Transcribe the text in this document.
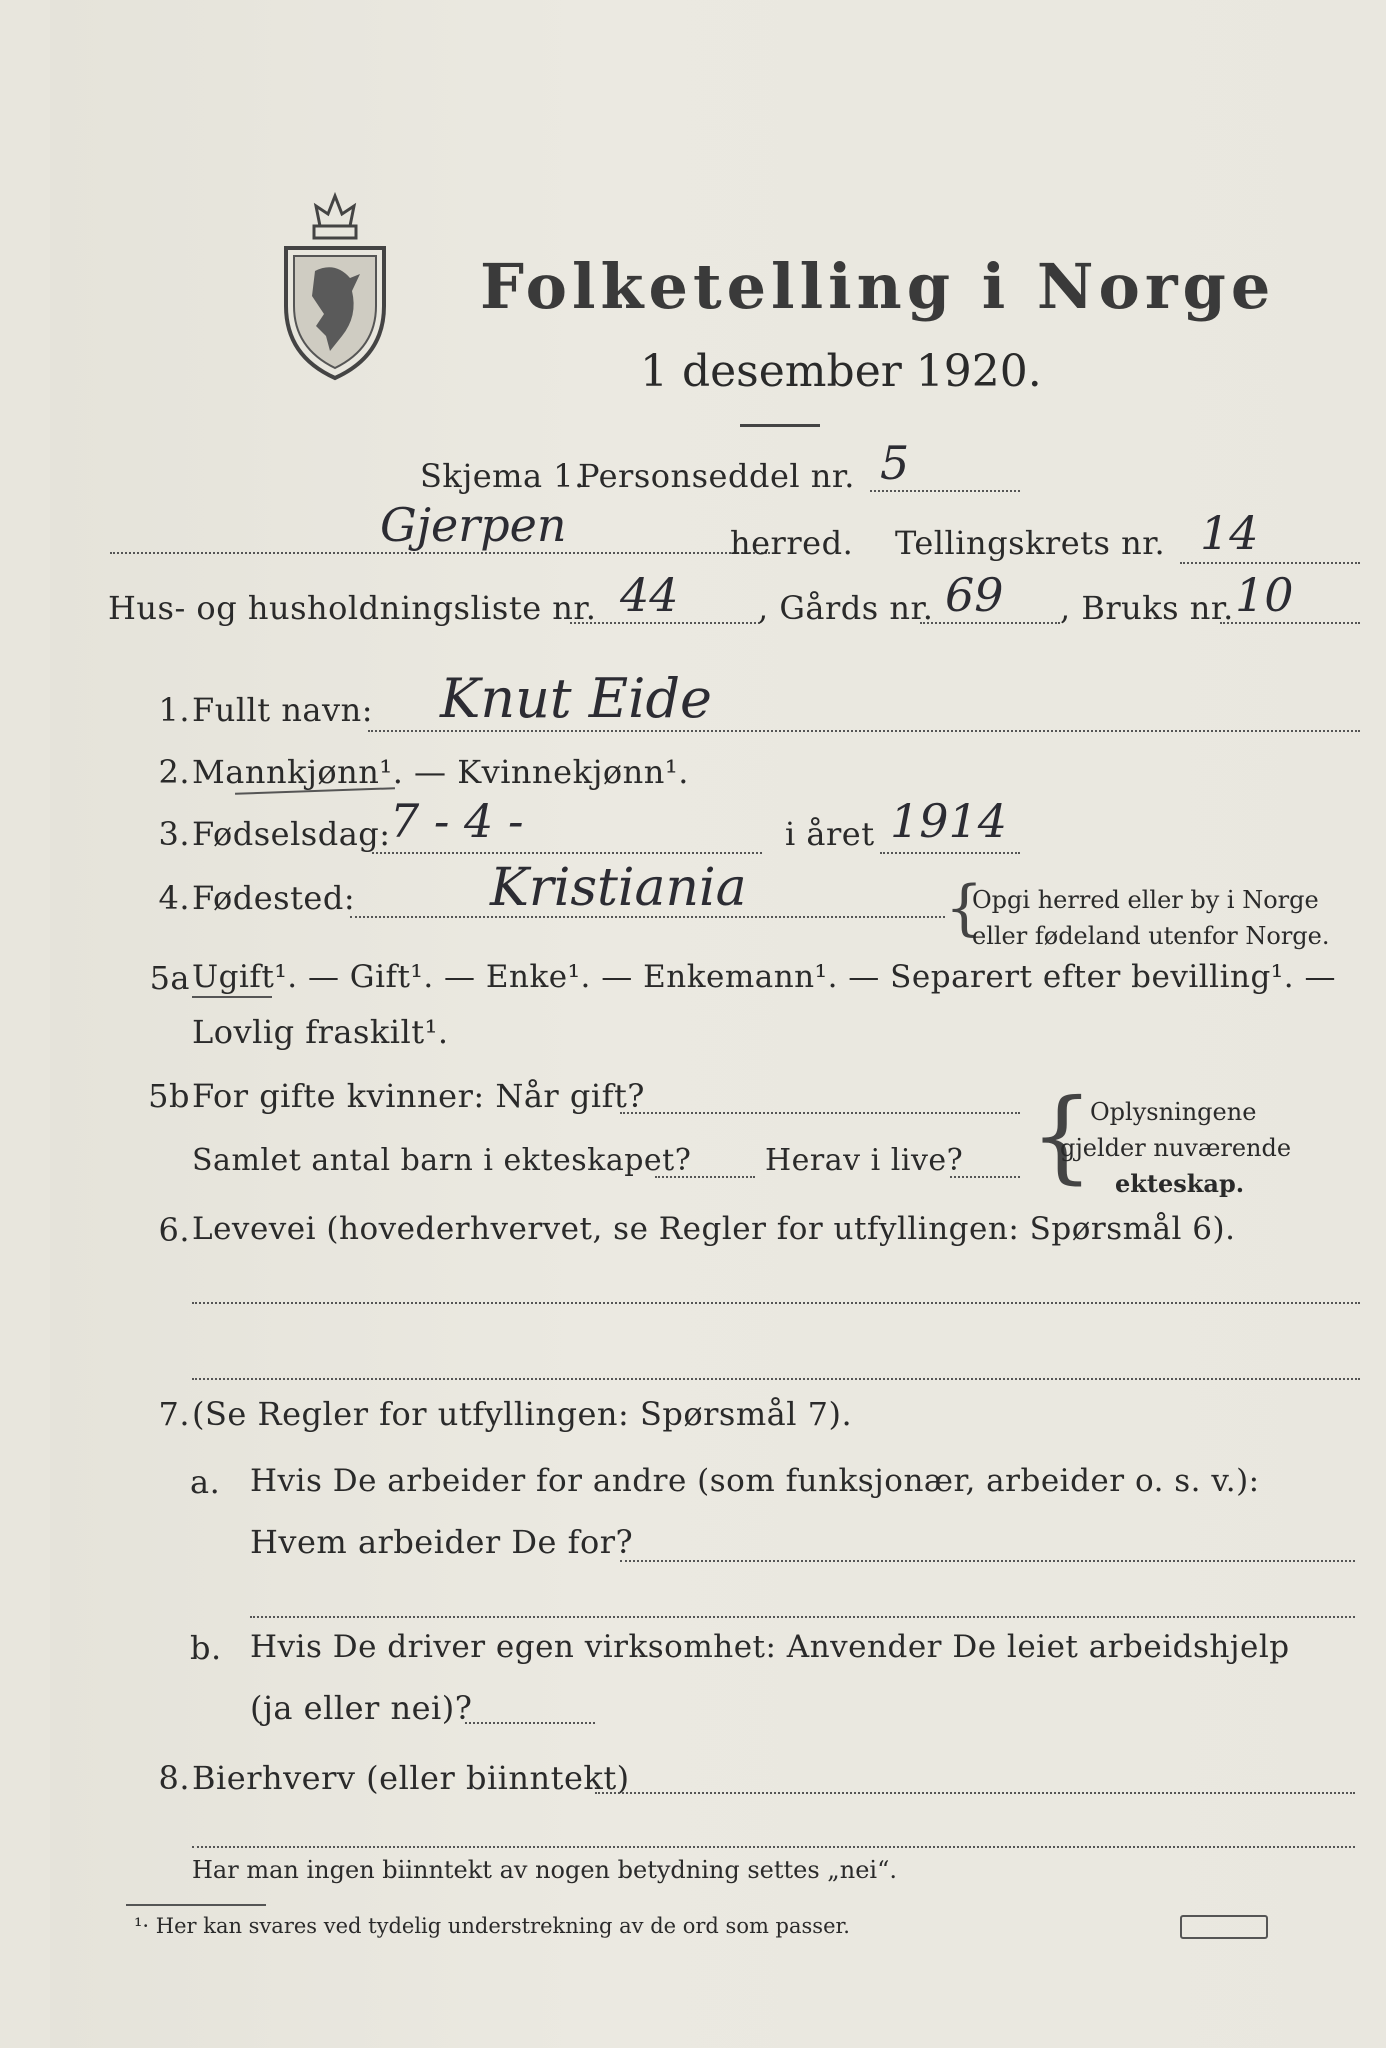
Folketelling i Norge
1 desember 1920.
Skjema 1.
Personseddel nr. 5
Gjerpen	herred. Tellingskrets nr. 14
Hus- og husholdningsliste nr. 44 , Gårds nr. 69 , Bruks nr. 10
1. Fullt navn: Knut Eide
2. Mannkjønn¹. — Kvinnekjønn¹.
3. Fødselsdag: 7 - 4 -	i året 1914
4. Fødested:	Kristiania	{
Opgi herred eller by i Norge
eller fødeland utenfor Norge.
5a Ugift¹. — Gift¹. — Enke¹. — Enkemann¹. — Separert efter bevilling¹. —
Lovlig fraskilt¹.
5b For gifte kvinner: Når gift?
Samlet antal barn i ekteskapet? Herav i live? {
Oplysningene
gjelder nuværende
ekteskap.
6. Levevei (hovederhvervet, se Regler for utfyllingen: Spørsmål 6).
7. (Se Regler for utfyllingen: Spørsmål 7).
a. Hvis De arbeider for andre (som funksjonær, arbeider o. s. v.):
Hvem arbeider De for?
b. Hvis De driver egen virksomhet: Anvender De leiet arbeidshjelp
(ja eller nei)?
8. Bierhverv (eller biinntekt)
Har man ingen biinntekt av nogen betydning settes „nei“.
¹· Her kan svares ved tydelig understrekning av de ord som passer.
